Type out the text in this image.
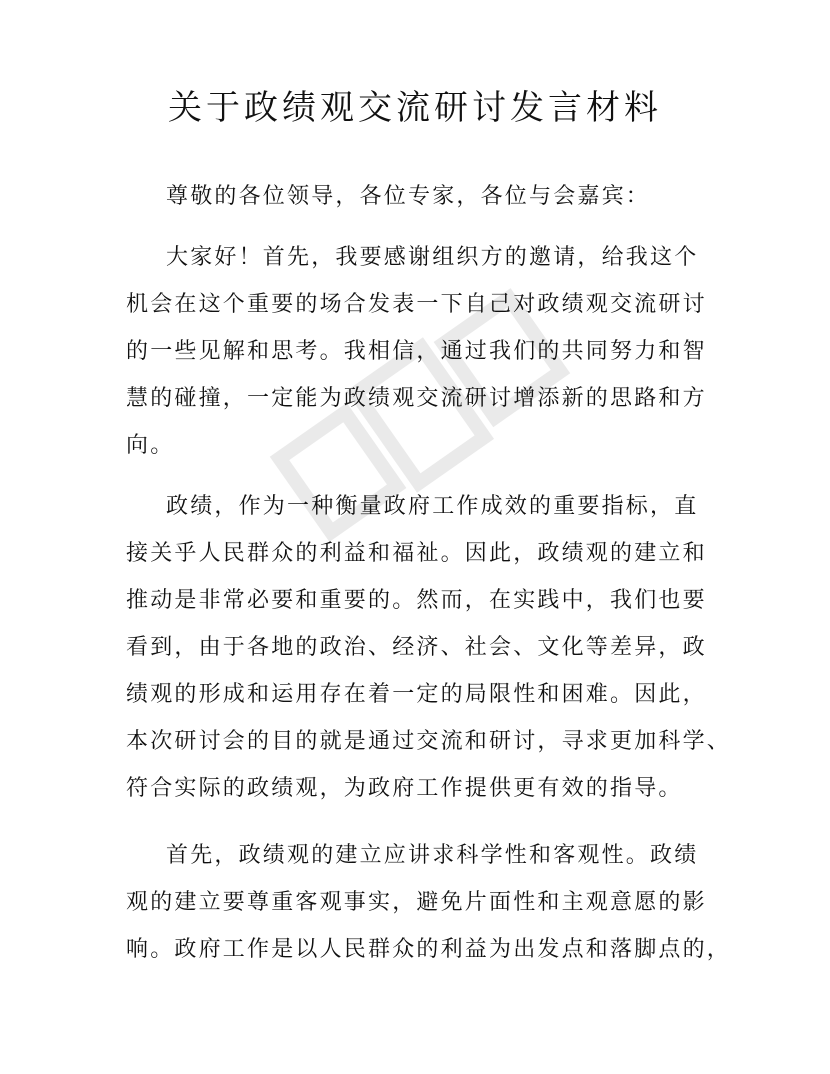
关于政绩观交流研讨发言材料

尊敬的各位领导，各位专家，各位与会嘉宾：

大家好！首先，我要感谢组织方的邀请，给我这个

机会在这个重要的场合发表一下自己对政绩观交流研讨

的一些见解和思考。我相信，通过我们的共同努力和智

慧的碰撞，一定能为政绩观交流研讨增添新的思路和方

向。

政绩，作为一种衡量政府工作成效的重要指标，直

接关乎人民群众的利益和福祉。因此，政绩观的建立和

推动是非常必要和重要的。然而，在实践中，我们也要

看到，由于各地的政治、经济、社会、文化等差异，政

绩观的形成和运用存在着一定的局限性和困难。因此，

本次研讨会的目的就是通过交流和研讨，寻求更加科学、

符合实际的政绩观，为政府工作提供更有效的指导。

首先，政绩观的建立应讲求科学性和客观性。政绩

观的建立要尊重客观事实，避免片面性和主观意愿的影

响。政府工作是以人民群众的利益为出发点和落脚点的，
